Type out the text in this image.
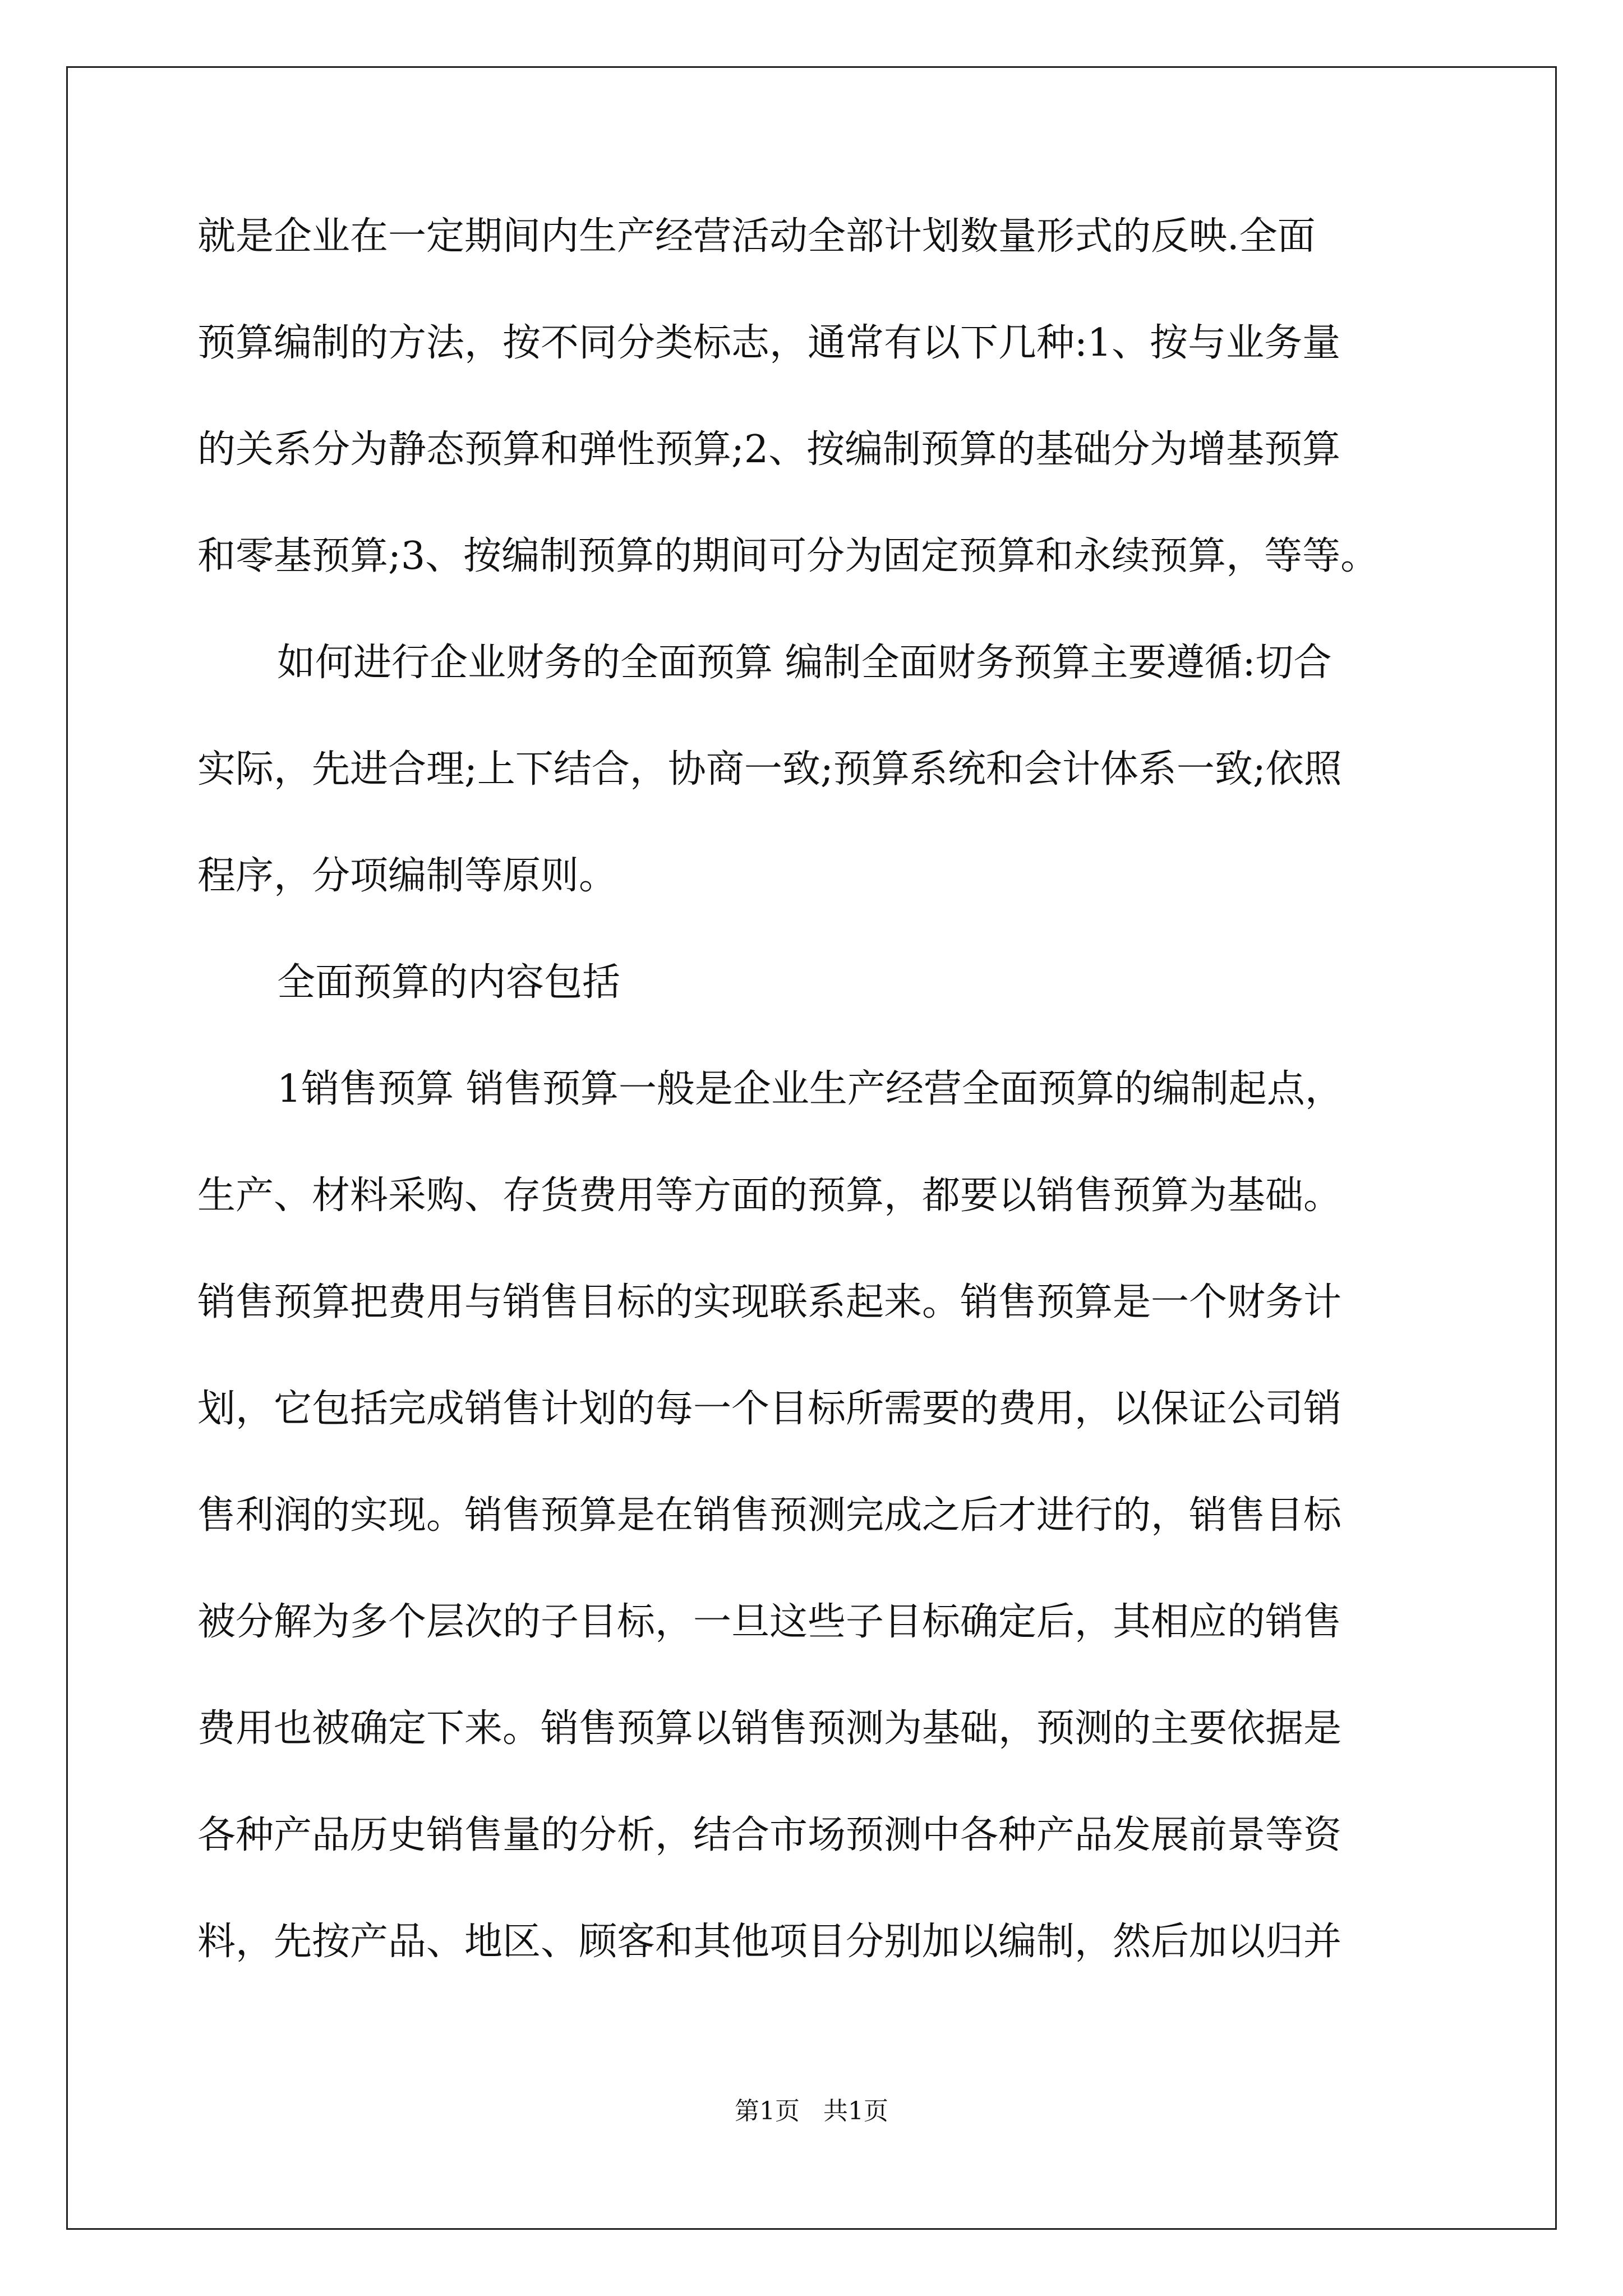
就是企业在一定期间内生产经营活动全部计划数量形式的反映.全面
预算编制的方法，按不同分类标志，通常有以下几种:1、按与业务量
的关系分为静态预算和弹性预算;2、按编制预算的基础分为增基预算
和零基预算;3、按编制预算的期间可分为固定预算和永续预算，等等。
如何进行企业财务的全面预算 编制全面财务预算主要遵循:切合
实际，先进合理;上下结合，协商一致;预算系统和会计体系一致;依照
程序，分项编制等原则。
全面预算的内容包括
1销售预算 销售预算一般是企业生产经营全面预算的编制起点，
生产、材料采购、存货费用等方面的预算，都要以销售预算为基础。
销售预算把费用与销售目标的实现联系起来。销售预算是一个财务计
划，它包括完成销售计划的每一个目标所需要的费用，以保证公司销
售利润的实现。销售预算是在销售预测完成之后才进行的，销售目标
被分解为多个层次的子目标，一旦这些子目标确定后，其相应的销售
费用也被确定下来。销售预算以销售预测为基础，预测的主要依据是
各种产品历史销售量的分析，结合市场预测中各种产品发展前景等资
料，先按产品、地区、顾客和其他项目分别加以编制，然后加以归并
第1页 共1页
